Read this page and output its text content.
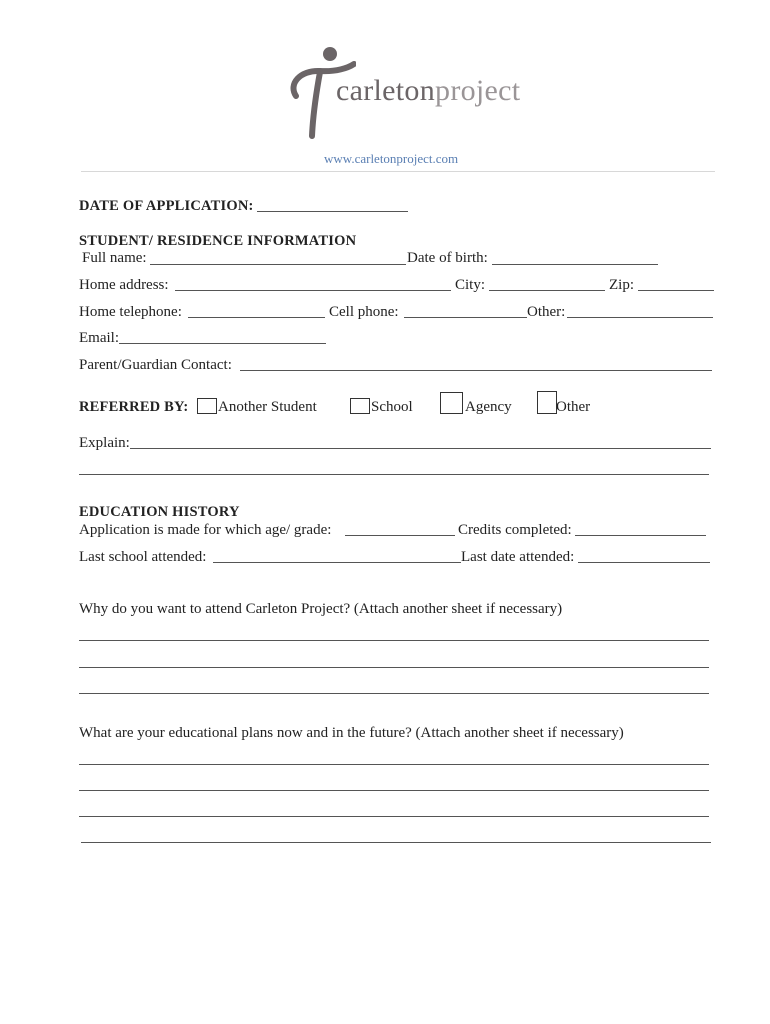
carletonproject
www.carletonproject.com
DATE OF APPLICATION:
STUDENT/ RESIDENCE INFORMATION
Full name:	Date of birth:
Home address:	City:	Zip:
Home telephone:	Cell phone:	Other:
Email:
Parent/Guardian Contact:
REFERRED BY: Another Student	School	Agency	Other
Explain:
EDUCATION HISTORY
Application is made for which age/ grade:	Credits completed:
Last school attended:	Last date attended:
Why do you want to attend Carleton Project? (Attach another sheet if necessary)
What are your educational plans now and in the future? (Attach another sheet if necessary)
